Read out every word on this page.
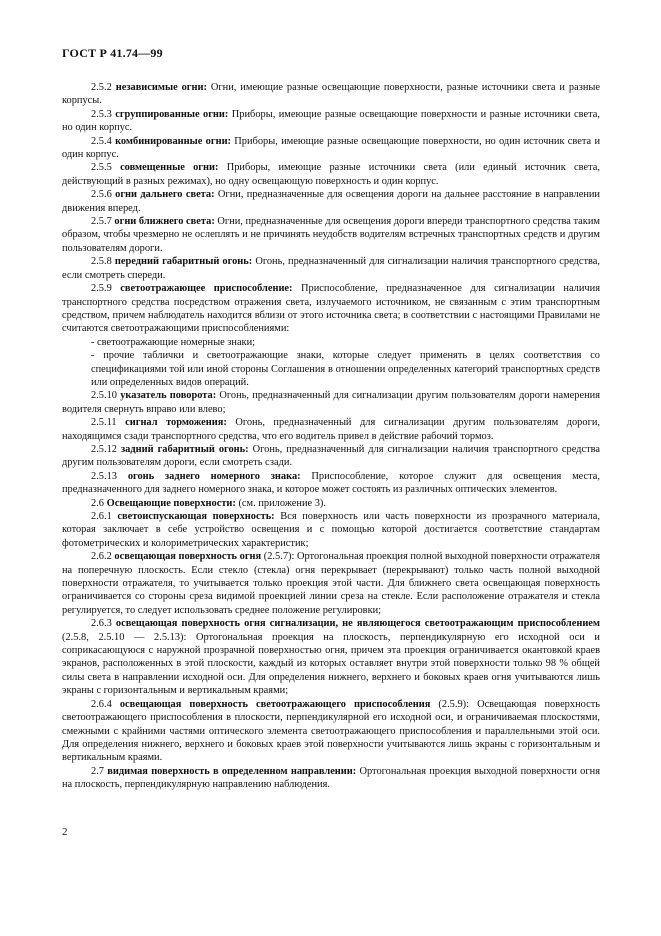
ГОСТ Р 41.74—99

2.5.2 независимые огни: Огни, имеющие разные освещающие поверхности, разные источники света и разные корпусы.

2.5.3 сгруппированные огни: Приборы, имеющие разные освещающие поверхности и разные источники света, но один корпус.

2.5.4 комбинированные огни: Приборы, имеющие разные освещающие поверхности, но один источник света и один корпус.

2.5.5 совмещенные огни: Приборы, имеющие разные источники света (или единый источник света, действующий в разных режимах), но одну освещающую поверхность и один корпус.

2.5.6 огни дальнего света: Огни, предназначенные для освещения дороги на дальнее расстояние в направлении движения вперед.

2.5.7 огни ближнего света: Огни, предназначенные для освещения дороги впереди транспортного средства таким образом, чтобы чрезмерно не ослеплять и не причинять неудобств водителям встречных транспортных средств и другим пользователям дороги.

2.5.8 передний габаритный огонь: Огонь, предназначенный для сигнализации наличия транспортного средства, если смотреть спереди.

2.5.9 светоотражающее приспособление: Приспособление, предназначенное для сигнализации наличия транспортного средства посредством отражения света, излучаемого источником, не связанным с этим транспортным средством, причем наблюдатель находится вблизи от этого источника света; в соответствии с настоящими Правилами не считаются светоотражающими приспособлениями:

- светоотражающие номерные знаки;

- прочие таблички и светоотражающие знаки, которые следует применять в целях соответствия со спецификациями той или иной стороны Соглашения в отношении определенных категорий транспортных средств или определенных видов операций.

2.5.10 указатель поворота: Огонь, предназначенный для сигнализации другим пользователям дороги намерения водителя свернуть вправо или влево;

2.5.11 сигнал торможения: Огонь, предназначенный для сигнализации другим пользователям дороги, находящимся сзади транспортного средства, что его водитель привел в действие рабочий тормоз.

2.5.12 задний габаритный огонь: Огонь, предназначенный для сигнализации наличия транспортного средства другим пользователям дороги, если смотреть сзади.

2.5.13 огонь заднего номерного знака: Приспособление, которое служит для освещения места, предназначенного для заднего номерного знака, и которое может состоять из различных оптических элементов.

2.6 Освещающие поверхности: (см. приложение 3).

2.6.1 светоиспускающая поверхность: Вся поверхность или часть поверхности из прозрачного материала, которая заключает в себе устройство освещения и с помощью которой достигается соответствие стандартам фотометрических и колориметрических характеристик;

2.6.2 освещающая поверхность огня (2.5.7): Ортогональная проекция полной выходной поверхности отражателя на поперечную плоскость. Если стекло (стекла) огня перекрывает (перекрывают) только часть полной выходной поверхности отражателя, то учитывается только проекция этой части. Для ближнего света освещающая поверхность ограничивается со стороны среза видимой проекцией линии среза на стекле. Если расположение отражателя и стекла регулируется, то следует использовать среднее положение регулировки;

2.6.3 освещающая поверхность огня сигнализации, не являющегося светоотражающим приспособлением (2.5.8, 2.5.10 — 2.5.13): Ортогональная проекция на плоскость, перпендикулярную его исходной оси и соприкасающуюся с наружной прозрачной поверхностью огня, причем эта проекция ограничивается окантовкой краев экранов, расположенных в этой плоскости, каждый из которых оставляет внутри этой поверхности только 98 % общей силы света в направлении исходной оси. Для определения нижнего, верхнего и боковых краев огня учитываются лишь экраны с горизонтальным и вертикальным краями;

2.6.4 освещающая поверхность светоотражающего приспособления (2.5.9): Освещающая поверхность светоотражающего приспособления в плоскости, перпендикулярной его исходной оси, и ограничиваемая плоскостями, смежными с крайними частями оптического элемента светоотражающего приспособления и параллельными этой оси. Для определения нижнего, верхнего и боковых краев этой поверхности учитываются лишь экраны с горизонтальным и вертикальным краями.

2.7 видимая поверхность в определенном направлении: Ортогональная проекция выходной поверхности огня на плоскость, перпендикулярную направлению наблюдения.

2
